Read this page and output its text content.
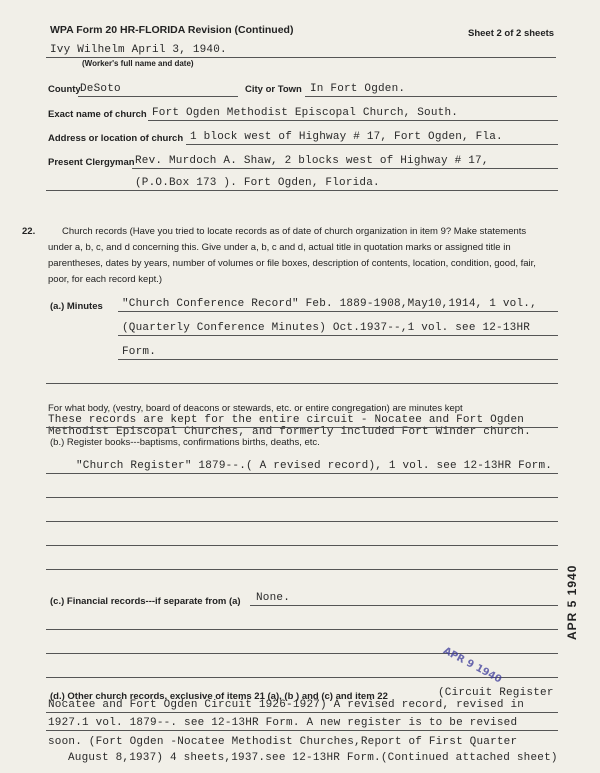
WPA Form 20 HR-FLORIDA Revision (Continued)	Sheet 2 of 2 sheets
Ivy Wilhelm April 3, 1940.
(Worker's full name and date)
County DeSoto	City or Town In Fort Ogden.
Exact name of church Fort Ogden Methodist Episcopal Church, South.
Address or location of church 1 block west of Highway # 17, Fort Ogden, Fla.
Present Clergyman Rev. Murdoch A. Shaw, 2 blocks west of Highway # 17,
(P.O.Box 173 ). Fort Ogden, Florida.
22.	Church records (Have you tried to locate records as of date of church organization in item 9? Make statements
under a, b, c, and d concerning this. Give under a, b, c and d, actual title in quotation marks or assigned title in
parentheses, dates by years, number of volumes or file boxes, description of contents, location, condition, good, fair,
poor, for each record kept.)
(a.) Minutes "Church Conference Record" Feb. 1889-1908,May10,1914, 1 vol.,
(Quarterly Conference Minutes) Oct.1937--,1 vol. see 12-13HR
Form.
For what body, (vestry, board of deacons or stewards, etc. or entire congregation) are minutes kept
These records are kept for the entire circuit - Nocatee and Fort Ogden
Methodist Episcopal Churches, and formerly included Fort Winder church.
(b.) Register books---baptisms, confirmations births, deaths, etc.
"Church Register" 1879--.( A revised record), 1 vol. see 12-13HR Form.
(c.) Financial records---if separate from (a) None.
(d.) Other church records, exclusive of items 21 (a), (b ) and (c) and item 22	(Circuit Register
Nocatee and Fort Ogden Circuit 1926-1927) A revised record, revised in
1927.1 vol. 1879--. see 12-13HR Form. A new register is to be revised
soon. (Fort Ogden -Nocatee Methodist Churches,Report of First Quarter
August 8,1937) 4 sheets,1937.see 12-13HR Form.(Continued attached sheet)
APR 9 1940
APR 5 1940
